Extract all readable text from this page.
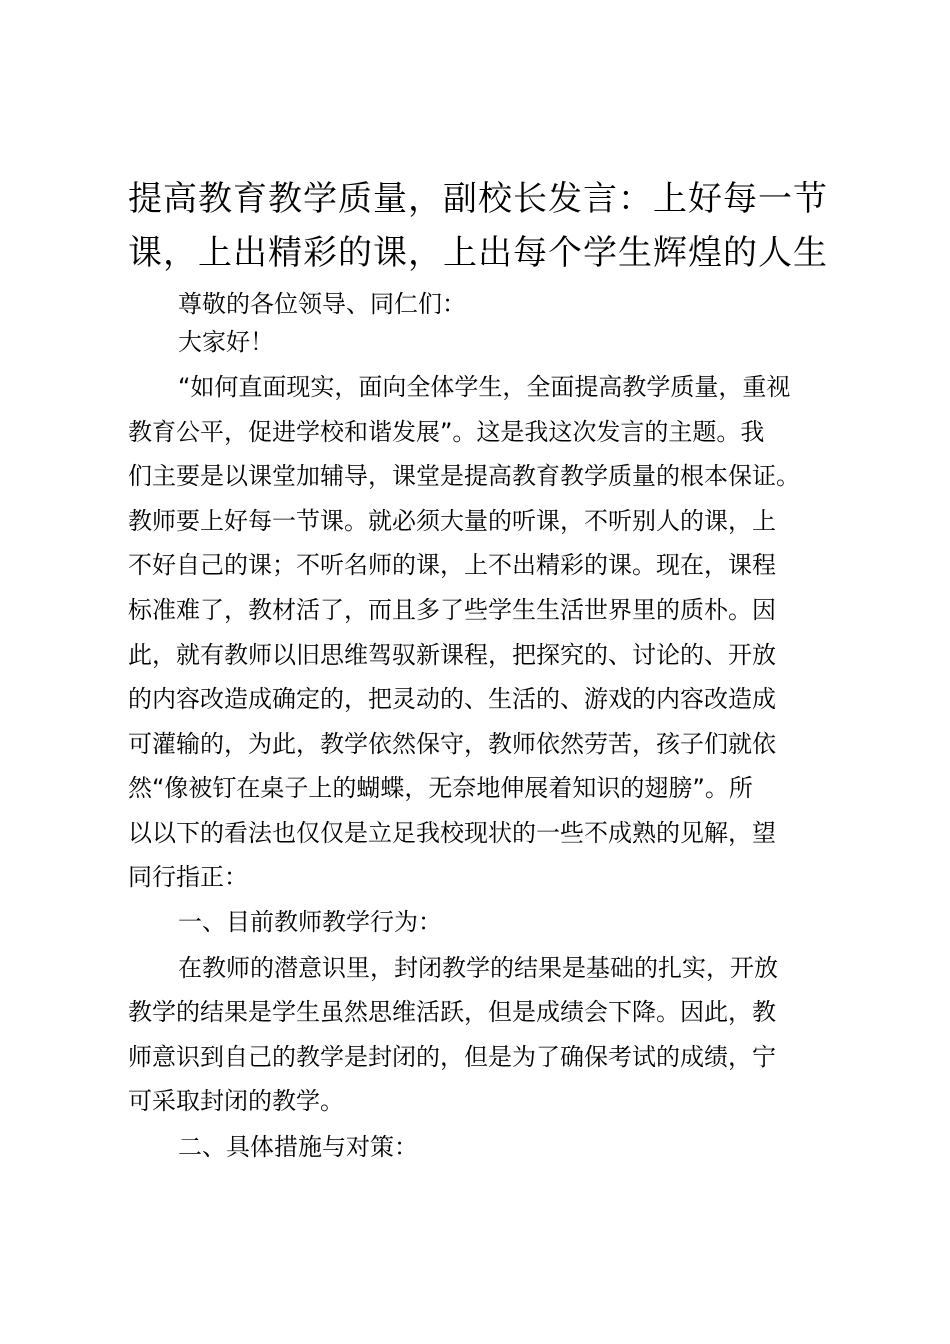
提高教育教学质量，副校长发言：上好每一节课，上出精彩的课，上出每个学生辉煌的人生
尊敬的各位领导、同仁们：
大家好！
“如何直面现实，面向全体学生，全面提高教学质量，重视
教育公平，促进学校和谐发展”。这是我这次发言的主题。我
们主要是以课堂加辅导，课堂是提高教育教学质量的根本保证。
教师要上好每一节课。就必须大量的听课，不听别人的课，上
不好自己的课；不听名师的课，上不出精彩的课。现在，课程
标准难了，教材活了，而且多了些学生生活世界里的质朴。因
此，就有教师以旧思维驾驭新课程，把探究的、讨论的、开放
的内容改造成确定的，把灵动的、生活的、游戏的内容改造成
可灌输的，为此，教学依然保守，教师依然劳苦，孩子们就依
然“像被钉在桌子上的蝴蝶，无奈地伸展着知识的翅膀”。所
以以下的看法也仅仅是立足我校现状的一些不成熟的见解，望
同行指正：
一、目前教师教学行为：
在教师的潜意识里，封闭教学的结果是基础的扎实，开放
教学的结果是学生虽然思维活跃，但是成绩会下降。因此，教
师意识到自己的教学是封闭的，但是为了确保考试的成绩，宁
可采取封闭的教学。
二、具体措施与对策：
